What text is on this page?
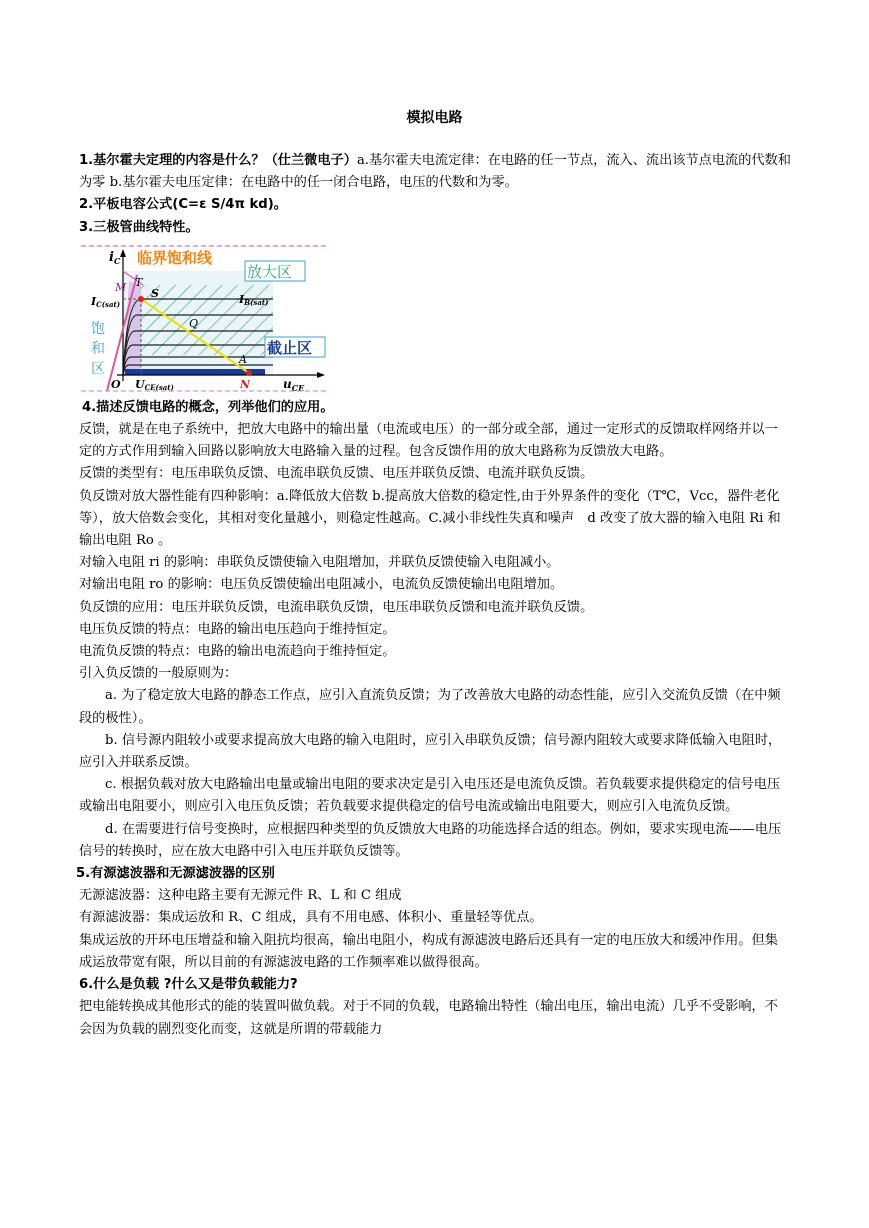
模拟电路

1.基尔霍夫定理的内容是什么？（仕兰微电子）a.基尔霍夫电流定律：在电路的任一节点，流入、流出该节点电流的代数和为零 b.基尔霍夫电压定律：在电路中的任一闭合电路，电压的代数和为零。

2.平板电容公式(C=ε S/4π kd)。

3.三极管曲线特性。

$i_C$ 临界饱和线
放大区
截止区
饱
和
区
M T
S
Q
A
N
O
IC(sat)	IB(sat)
UCE(sat)	$u_{CE}$

4.描述反馈电路的概念，列举他们的应用。

反馈，就是在电子系统中，把放大电路中的输出量（电流或电压）的一部分或全部，通过一定形式的反馈取样网络并以一定的方式作用到输入回路以影响放大电路输入量的过程。包含反馈作用的放大电路称为反馈放大电路。

反馈的类型有：电压串联负反馈、电流串联负反馈、电压并联负反馈、电流并联负反馈。

负反馈对放大器性能有四种影响：a.降低放大倍数 b.提高放大倍数的稳定性,由于外界条件的变化（T℃，Vcc，器件老化等），放大倍数会变化，其相对变化量越小，则稳定性越高。C.减小非线性失真和噪声　d 改变了放大器的输入电阻 Ri 和输出电阻 Ro 。

对输入电阻 ri 的影响：串联负反馈使输入电阻增加，并联负反馈使输入电阻减小。

对输出电阻 ro 的影响：电压负反馈使输出电阻减小，电流负反馈使输出电阻增加。

负反馈的应用：电压并联负反馈，电流串联负反馈，电压串联负反馈和电流并联负反馈。

电压负反馈的特点：电路的输出电压趋向于维持恒定。

电流负反馈的特点：电路的输出电流趋向于维持恒定。

引入负反馈的一般原则为：

a. 为了稳定放大电路的静态工作点，应引入直流负反馈；为了改善放大电路的动态性能，应引入交流负反馈（在中频段的极性）。

b. 信号源内阻较小或要求提高放大电路的输入电阻时，应引入串联负反馈；信号源内阻较大或要求降低输入电阻时，应引入并联系反馈。

c. 根据负载对放大电路输出电量或输出电阻的要求决定是引入电压还是电流负反馈。若负载要求提供稳定的信号电压或输出电阻要小，则应引入电压负反馈；若负载要求提供稳定的信号电流或输出电阻要大，则应引入电流负反馈。

d. 在需要进行信号变换时，应根据四种类型的负反馈放大电路的功能选择合适的组态。例如，要求实现电流——电压信号的转换时，应在放大电路中引入电压并联负反馈等。

5.有源滤波器和无源滤波器的区别

无源滤波器：这种电路主要有无源元件 R、L 和 C 组成

有源滤波器：集成运放和 R、C 组成，具有不用电感、体积小、重量轻等优点。

集成运放的开环电压增益和输入阻抗均很高，输出电阻小，构成有源滤波电路后还具有一定的电压放大和缓冲作用。但集成运放带宽有限，所以目前的有源滤波电路的工作频率难以做得很高。

6.什么是负载 ?什么又是带负载能力?

把电能转换成其他形式的能的装置叫做负载。对于不同的负载，电路输出特性（输出电压，输出电流）几乎不受影响，不会因为负载的剧烈变化而变，这就是所谓的带载能力
